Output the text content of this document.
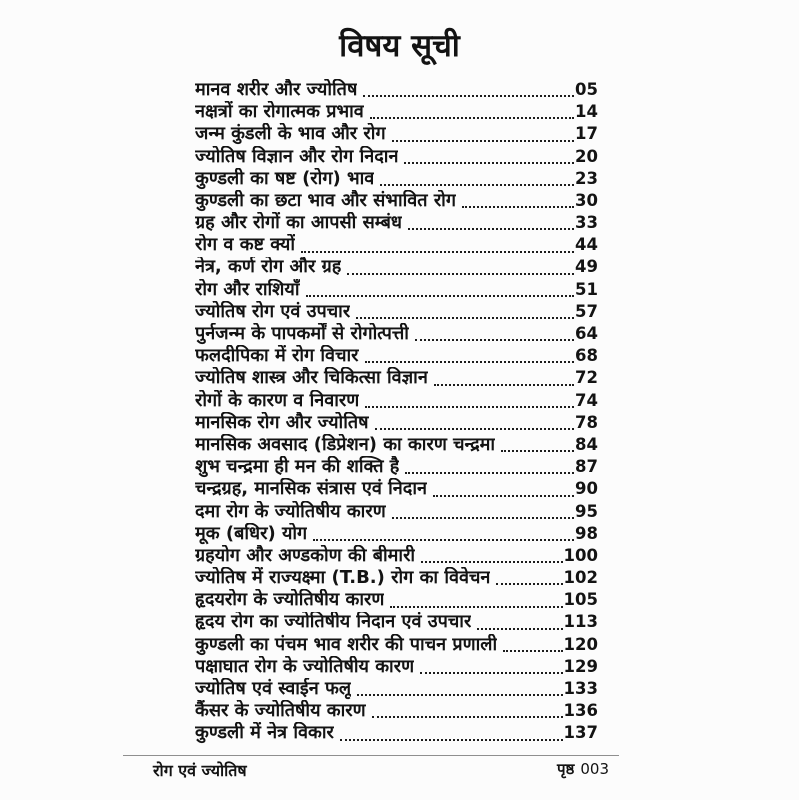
विषय सूची
मानव शरीर और ज्योतिष	05
नक्षत्रों का रोगात्मक प्रभाव	14
जन्म कुंडली के भाव और रोग	17
ज्योतिष विज्ञान और रोग निदान	20
कुण्डली का षष्ट (रोग) भाव	23
कुण्डली का छटा भाव और संभावित रोग	30
ग्रह और रोगों का आपसी सम्बंध	33
रोग व कष्ट क्यों	44
नेत्र, कर्ण रोग और ग्रह	49
रोग और राशियाँ	51
ज्योतिष रोग एवं उपचार	57
पुर्नजन्म के पापकर्मों से रोगोत्पत्ती	64
फलदीपिका में रोग विचार	68
ज्योतिष शास्त्र और चिकित्सा विज्ञान	72
रोगों के कारण व निवारण	74
मानसिक रोग और ज्योतिष	78
मानसिक अवसाद (डिप्रेशन) का कारण चन्द्रमा	84
शुभ चन्द्रमा ही मन की शक्ति है	87
चन्द्रग्रह, मानसिक संत्रास एवं निदान	90
दमा रोग के ज्योतिषीय कारण	95
मूक (बधिर) योग	98
ग्रहयोग और अण्डकोण की बीमारी	100
ज्योतिष में राज्यक्ष्मा (T.B.) रोग का विवेचन	102
हृदयरोग के ज्योतिषीय कारण	105
हृदय रोग का ज्योतिषीय निदान एवं उपचार	113
कुण्डली का पंचम भाव शरीर की पाचन प्रणाली	120
पक्षाघात रोग के ज्योतिषीय कारण	129
ज्योतिष एवं स्वाईन फलू	133
कैंसर के ज्योतिषीय कारण	136
कुण्डली में नेत्र विकार	137
रोग एवं ज्योतिष	पृष्ठ 003
